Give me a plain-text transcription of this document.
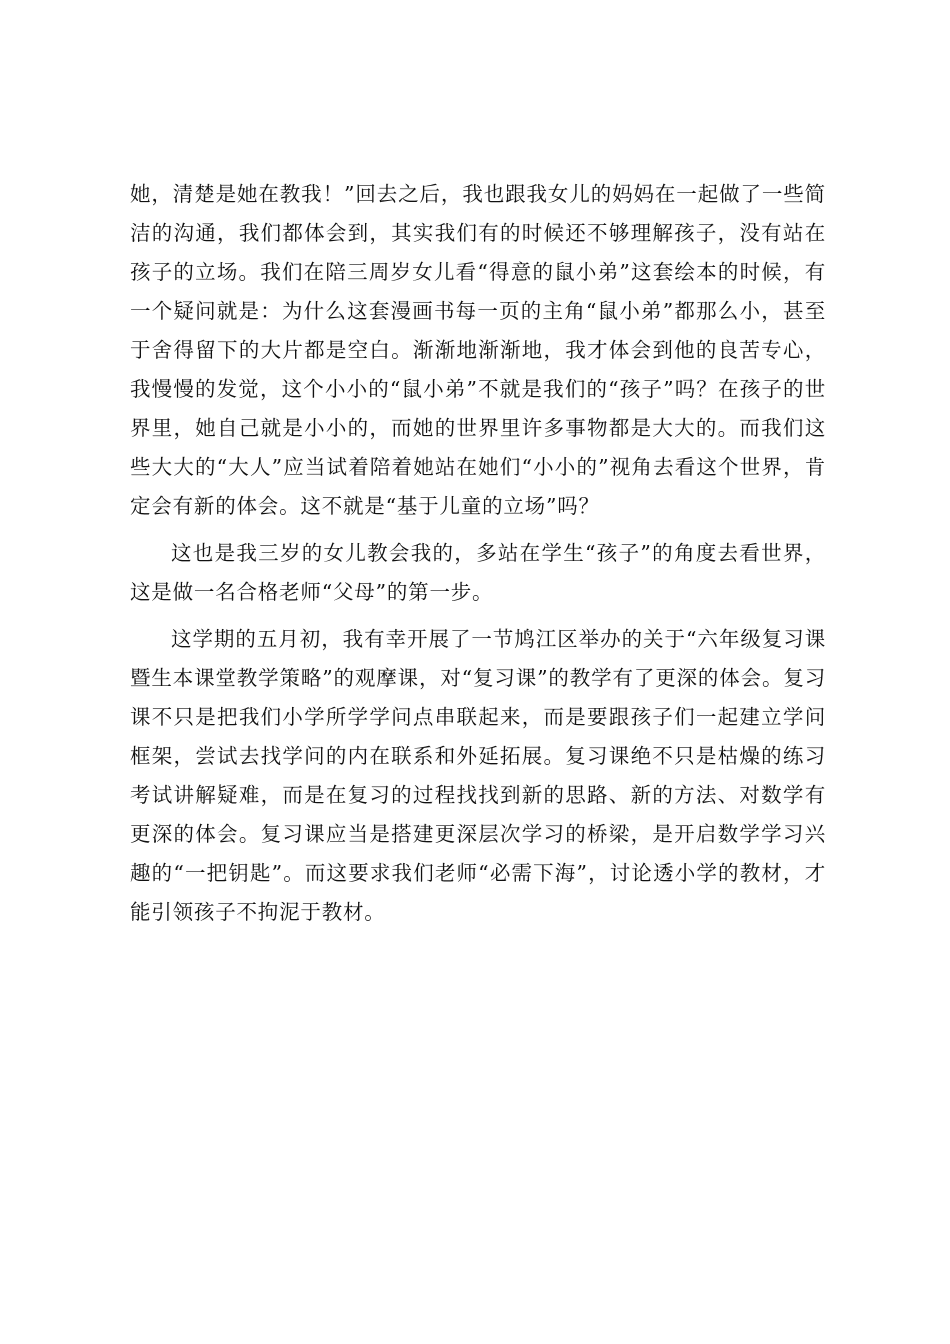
她，清楚是她在教我！”回去之后，我也跟我女儿的妈妈在一起做了一些简洁的沟通，我们都体会到，其实我们有的时候还不够理解孩子，没有站在孩子的立场。我们在陪三周岁女儿看“得意的鼠小弟”这套绘本的时候，有一个疑问就是：为什么这套漫画书每一页的主角“鼠小弟”都那么小，甚至于舍得留下的大片都是空白。渐渐地渐渐地，我才体会到他的良苦专心，我慢慢的发觉，这个小小的“鼠小弟”不就是我们的“孩子”吗？在孩子的世界里，她自己就是小小的，而她的世界里许多事物都是大大的。而我们这些大大的“大人”应当试着陪着她站在她们“小小的”视角去看这个世界，肯定会有新的体会。这不就是“基于儿童的立场”吗？

这也是我三岁的女儿教会我的，多站在学生“孩子”的角度去看世界，这是做一名合格老师“父母”的第一步。

这学期的五月初，我有幸开展了一节鸠江区举办的关于“六年级复习课暨生本课堂教学策略”的观摩课，对“复习课”的教学有了更深的体会。复习课不只是把我们小学所学学问点串联起来，而是要跟孩子们一起建立学问框架，尝试去找学问的内在联系和外延拓展。复习课绝不只是枯燥的练习考试讲解疑难，而是在复习的过程找找到新的思路、新的方法、对数学有更深的体会。复习课应当是搭建更深层次学习的桥梁，是开启数学学习兴趣的“一把钥匙”。而这要求我们老师“必需下海”，讨论透小学的教材，才能引领孩子不拘泥于教材。
